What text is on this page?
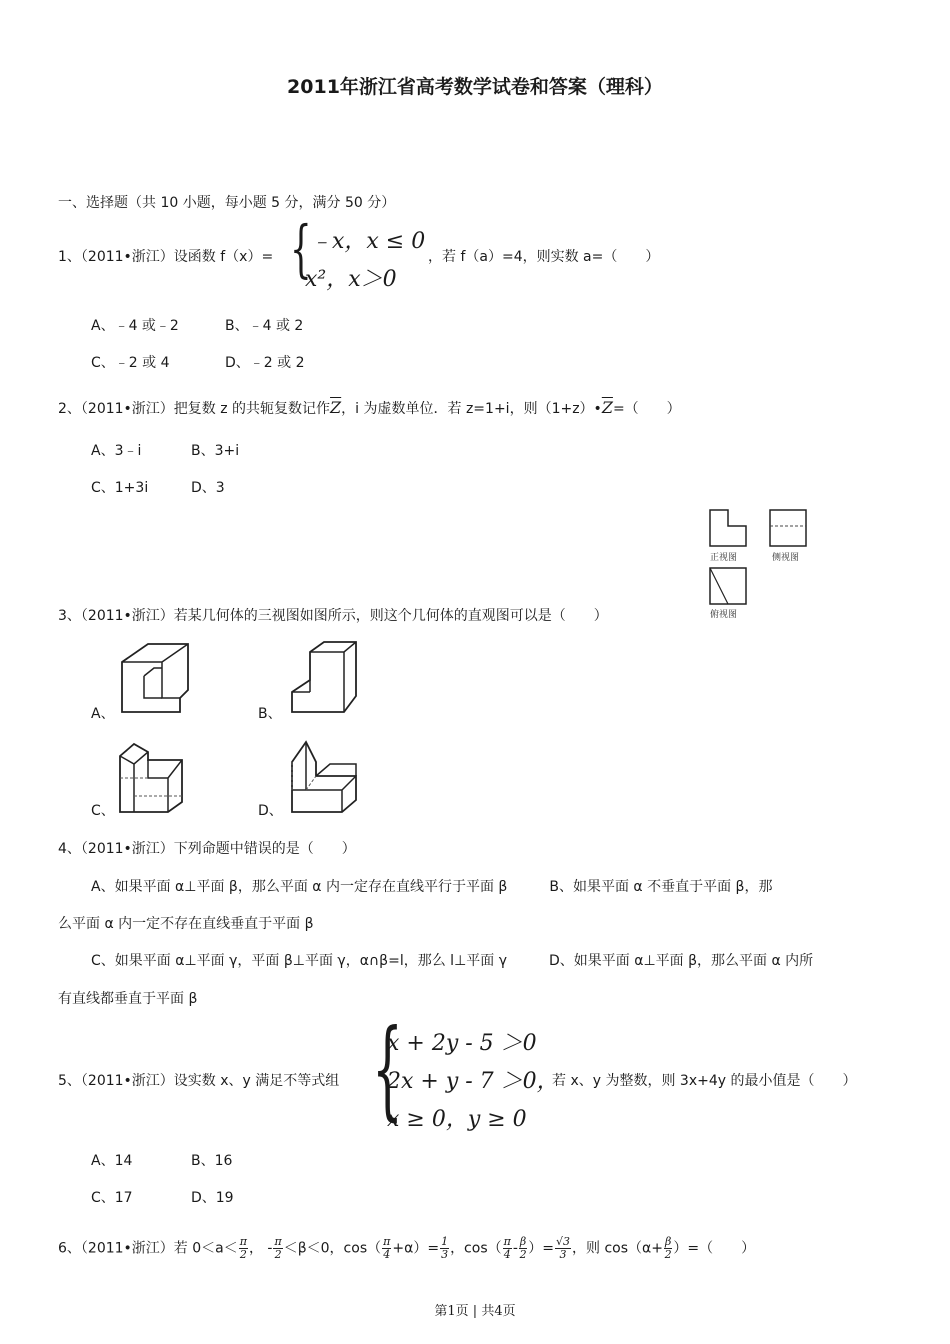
2011年浙江省高考数学试卷和答案（理科）
一、选择题（共 10 小题，每小题 5 分，满分 50 分）
1、（2011•浙江）设函数 f（x）= {
﹣x，x ≤ 0
x²，x＞0
，若 f（a）=4，则实数 a=（　　）
A、﹣4 或﹣2	B、﹣4 或 2
C、﹣2 或 4	D、﹣2 或 2
2、（2011•浙江）把复数 z 的共轭复数记作$\overline{Z}$，i 为虚数单位．若 z=1+i，则$(1+z)•\overline{Z}=$（　　）
A、3﹣i	B、3+i
C、1+3i	D、3
正视图	侧视图
俯视图
3、（2011•浙江）若某几何体的三视图如图所示，则这个几何体的直观图可以是（　　）
A、	B、
C、	D、
4、（2011•浙江）下列命题中错误的是（　　）
A、如果平面 α⊥平面 β，那么平面 α 内一定存在直线平行于平面 β　　　B、如果平面 α 不垂直于平面 β，那
么平面 α 内一定不存在直线垂直于平面 β
C、如果平面 α⊥平面 γ，平面 β⊥平面 γ，α∩β=l，那么 l⊥平面 γ　　　D、如果平面 α⊥平面 β，那么平面 α 内所
有直线都垂直于平面 β
5、（2011•浙江）设实数 x、y 满足不等式组 {
x + 2y - 5 ＞0
2x + y - 7 ＞0，
x ≥ 0，y ≥ 0
若 x、y 为整数，则 3x+4y 的最小值是（　　）
A、14	B、16
C、17	D、19
6、（2011•浙江）若 $0<a< \frac{\pi}{2}$ ， - $\frac{\pi}{2} <\beta<0$，$\cos( \frac{\pi}{4} +\alpha)= \frac{1}{3}$ ，$\cos( \frac{\pi}{4} - \frac{\beta}{2}$ ）= $\frac{√3}{3}$ ，则 $\cos(\alpha+ \frac{\beta}{2}$ ）=（　　）
第1页 | 共4页
